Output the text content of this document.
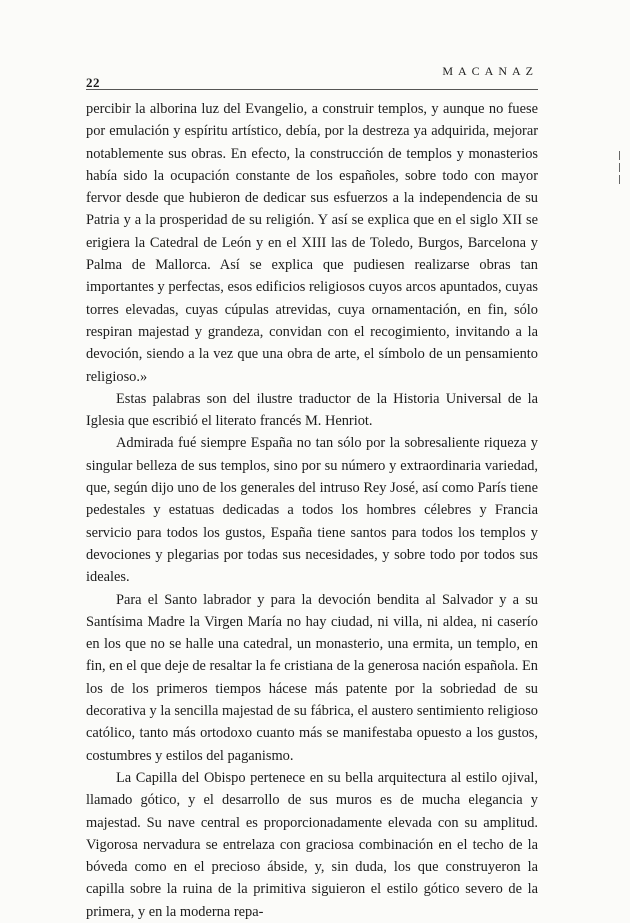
22
MACANAZ

percibir la alborina luz del Evangelio, a construir templos, y aunque no fuese por emulación y espíritu artístico, debía, por la destreza ya adquirida, mejorar notablemente sus obras. En efecto, la construcción de templos y monasterios había sido la ocupación constante de los españoles, sobre todo con mayor fervor desde que hubieron de dedicar sus esfuerzos a la independencia de su Patria y a la prosperidad de su religión. Y así se explica que en el siglo XII se erigiera la Catedral de León y en el XIII las de Toledo, Burgos, Barcelona y Palma de Mallorca. Así se explica que pudiesen realizarse obras tan importantes y perfectas, esos edificios religiosos cuyos arcos apuntados, cuyas torres elevadas, cuyas cúpulas atrevidas, cuya ornamentación, en fin, sólo respiran majestad y grandeza, convidan con el recogimiento, invitando a la devoción, siendo a la vez que una obra de arte, el símbolo de un pensamiento religioso.»

Estas palabras son del ilustre traductor de la Historia Universal de la Iglesia que escribió el literato francés M. Henriot.

Admirada fué siempre España no tan sólo por la sobresaliente riqueza y singular belleza de sus templos, sino por su número y extraordinaria variedad, que, según dijo uno de los generales del intruso Rey José, así como París tiene pedestales y estatuas dedicadas a todos los hombres célebres y Francia servicio para todos los gustos, España tiene santos para todos los templos y devociones y plegarias por todas sus necesidades, y sobre todo por todos sus ideales.

Para el Santo labrador y para la devoción bendita al Salvador y a su Santísima Madre la Virgen María no hay ciudad, ni villa, ni aldea, ni caserío en los que no se halle una catedral, un monasterio, una ermita, un templo, en fin, en el que deje de resaltar la fe cristiana de la generosa nación española. En los de los primeros tiempos hácese más patente por la sobriedad de su decorativa y la sencilla majestad de su fábrica, el austero sentimiento religioso católico, tanto más ortodoxo cuanto más se manifestaba opuesto a los gustos, costumbres y estilos del paganismo.

La Capilla del Obispo pertenece en su bella arquitectura al estilo ojival, llamado gótico, y el desarrollo de sus muros es de mucha elegancia y majestad. Su nave central es proporcionadamente elevada con su amplitud. Vigorosa nervadura se entrelaza con graciosa combinación en el techo de la bóveda como en el precioso ábside, y, sin duda, los que construyeron la capilla sobre la ruina de la primitiva siguieron el estilo gótico severo de la primera, y en la moderna repa-
